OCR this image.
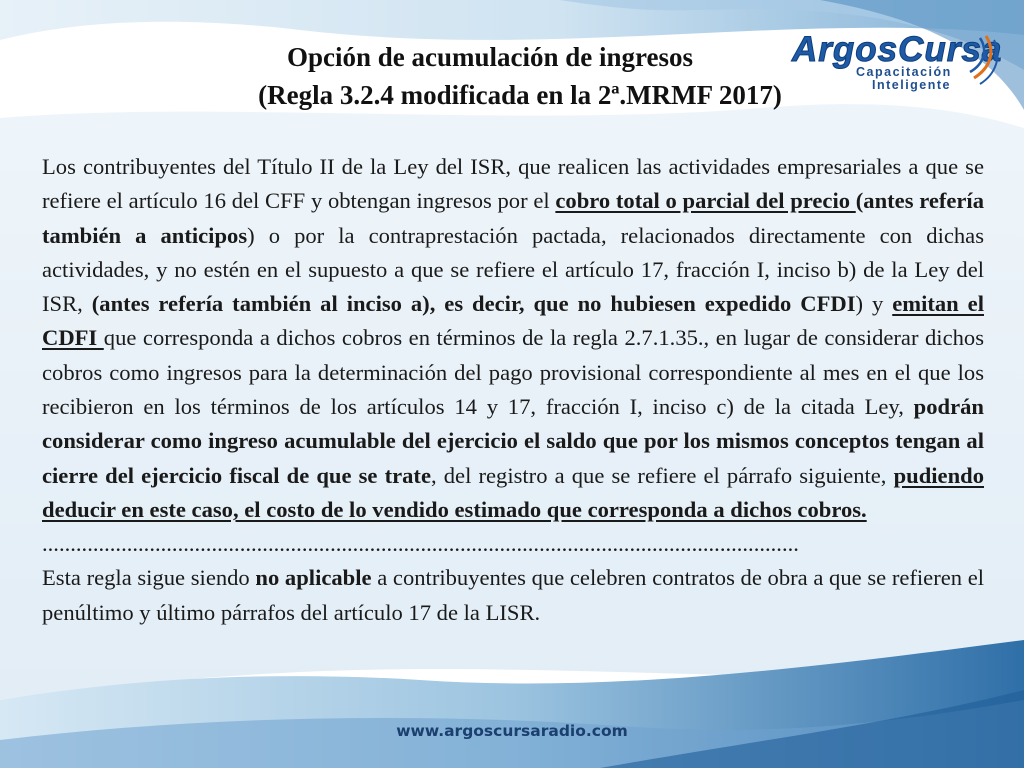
Opción de acumulación de ingresos
(Regla 3.2.4 modificada en la 2ª.MRMF 2017)
ArgosCursa
Capacitación
Inteligente

Los contribuyentes del Título II de la Ley del ISR, que realicen las actividades empresariales a que se refiere el artículo 16 del CFF y obtengan ingresos por el cobro total o parcial del precio (antes refería también a anticipos) o por la contraprestación pactada, relacionados directamente con dichas actividades, y no estén en el supuesto a que se refiere el artículo 17, fracción I, inciso b) de la Ley del ISR, (antes refería también al inciso a), es decir, que no hubiesen expedido CFDI) y emitan el CDFI que corresponda a dichos cobros en términos de la regla 2.7.1.35., en lugar de considerar dichos cobros como ingresos para la determinación del pago provisional correspondiente al mes en el que los recibieron en los términos de los artículos 14 y 17, fracción I, inciso c) de la citada Ley, podrán considerar como ingreso acumulable del ejercicio el saldo que por los mismos conceptos tengan al cierre del ejercicio fiscal de que se trate, del registro a que se refiere el párrafo siguiente, pudiendo deducir en este caso, el costo de lo vendido estimado que corresponda a dichos cobros.

......................................................................................................................................

Esta regla sigue siendo no aplicable a contribuyentes que celebren contratos de obra a que se refieren el penúltimo y último párrafos del artículo 17 de la LISR.

www.argoscursaradio.com
